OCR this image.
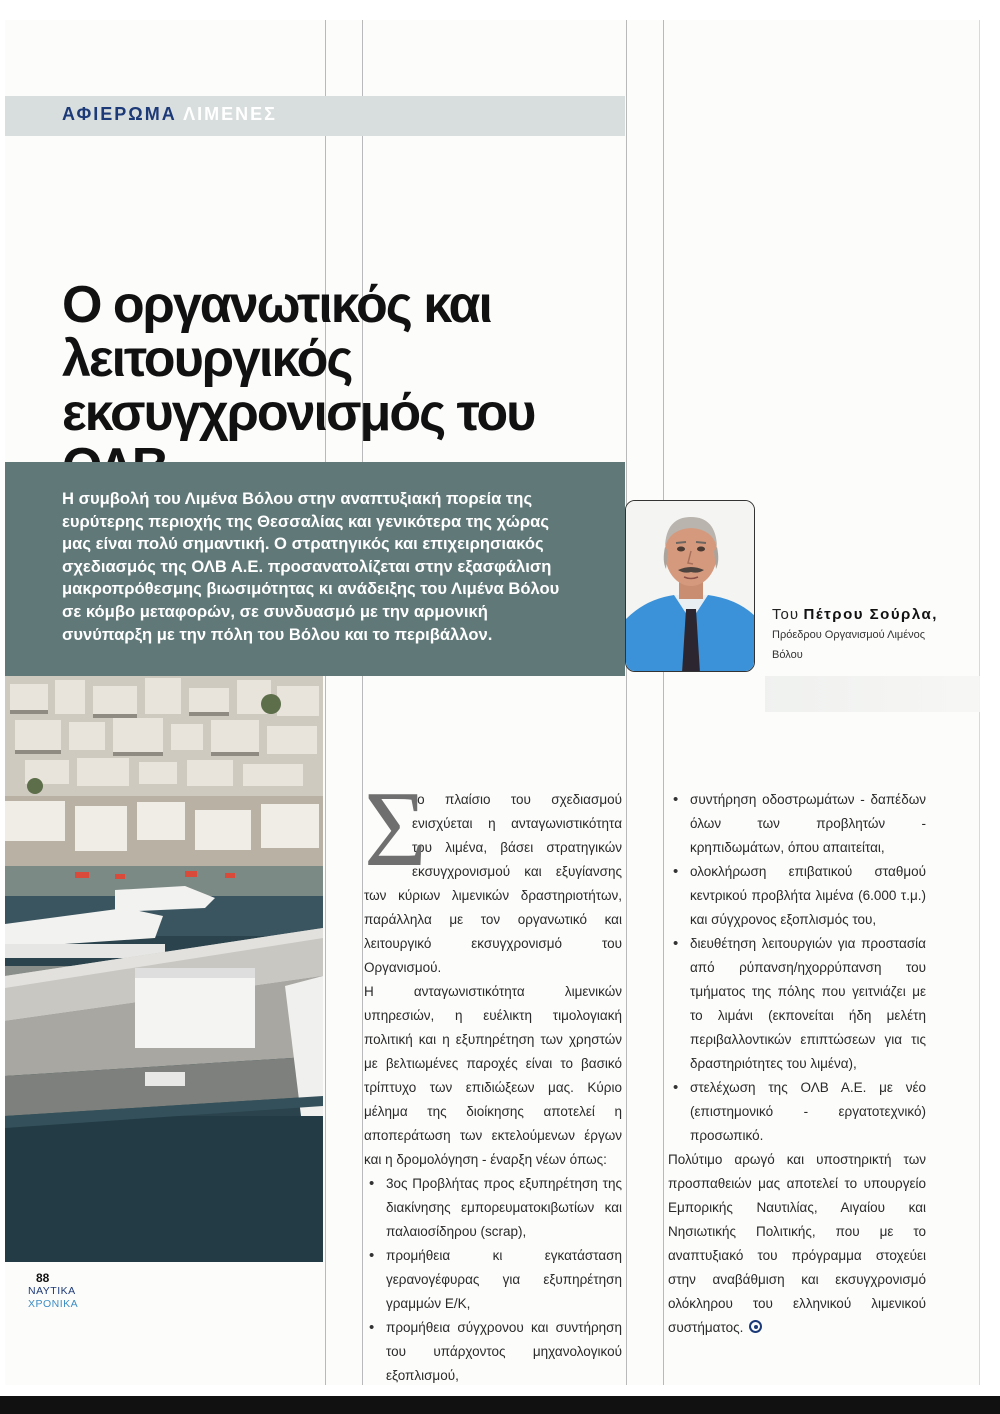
ΑΦΙΕΡΩΜΑ ΛΙΜΕΝΕΣ
Ο οργανωτικός και
λειτουργικός
εκσυγχρονισμός του
Η συμβολή του Λιμένα Βόλου στην αναπτυξιακή πορεία της
ευρύτερης περιοχής της Θεσσαλίας και γενικότερα της χώρας
μας είναι πολύ σημαντική. Ο στρατηγικός και επιχειρησιακός
σχεδιασμός της ΟΛΒ Α.Ε. προσανατολίζεται στην εξασφάλιση
μακροπρόθεσμης βιωσιμότητας κι ανάδειξης του Λιμένα Βόλου
σε κόμβο μεταφορών, σε συνδυασμό με την αρμονική
συνύπαρξη με την πόλη του Βόλου και το περιβάλλον.
Του Πέτρου Σούρλα,
Πρόεδρου Οργανισμού Λιμένος
Βόλου
Σ

το πλαίσιο του σχεδιασμού ενισχύεται η ανταγωνιστικότητα του λιμένα, βάσει στρατηγικών εκσυγχρονισμού και εξυγίανσης των κύριων λιμενικών δραστηριοτήτων, παράλληλα με τον οργανωτικό και λειτουργικό εκσυγχρονισμό του Οργανισμού.

Η ανταγωνιστικότητα λιμενικών υπηρεσιών, η ευέλικτη τιμολογιακή πολιτική και η εξυπηρέτηση των χρηστών με βελτιωμένες παροχές είναι το βασικό τρίπτυχο των επιδιώξεων μας. Κύριο μέλημα της διοίκησης αποτελεί η αποπεράτωση των εκτελούμενων έργων και η δρομολόγηση - έναρξη νέων όπως:

• 3ος Προβλήτας προς εξυπηρέτηση της διακίνησης εμπορευματοκιβωτίων και παλαιοσίδηρου (scrap),
• προμήθεια κι εγκατάσταση γερανογέφυρας για εξυπηρέτηση γραμμών Ε/Κ,
• προμήθεια σύγχρονου και συντήρηση του υπάρχοντος μηχανολογικού εξοπλισμού,
• συντήρηση οδοστρωμάτων - δαπέδων όλων των προβλητών - κρηπιδωμάτων, όπου απαιτείται,
• ολοκλήρωση επιβατικού σταθμού κεντρικού προβλήτα λιμένα (6.000 τ.μ.) και σύγχρονος εξοπλισμός του,
• διευθέτηση λειτουργιών για προστασία από ρύπανση/ηχορρύπανση του τμήματος της πόλης που γειτνιάζει με το λιμάνι (εκπονείται ήδη μελέτη περιβαλλοντικών επιπτώσεων για τις δραστηριότητες του λιμένα),
• στελέχωση της ΟΛΒ Α.Ε. με νέο (επιστημονικό - εργατοτεχνικό) προσωπικό.

Πολύτιμο αρωγό και υποστηρικτή των προσπαθειών μας αποτελεί το υπουργείο Εμπορικής Ναυτιλίας, Αιγαίου και Νησιωτικής Πολιτικής, που με το αναπτυξιακό του πρόγραμμα στοχεύει στην αναβάθμιση και εκσυγχρονισμό ολόκληρου του ελληνικού λιμενικού συστήματος.

88
ΝΑΥΤΙΚΑ
ΧΡΟΝΙΚΑ
